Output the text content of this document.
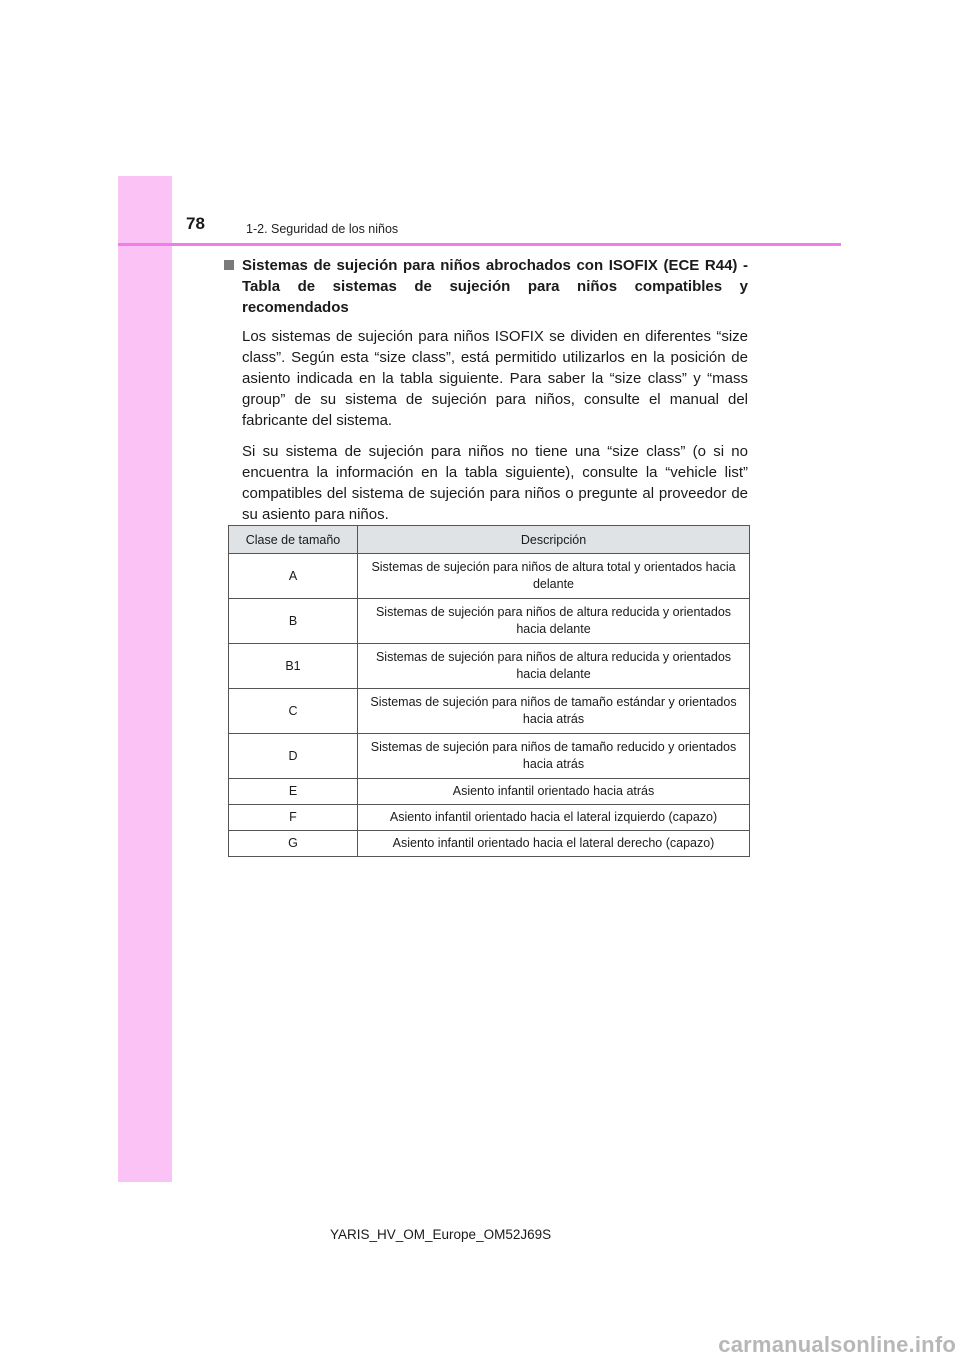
78	1-2. Seguridad de los niños
Sistemas de sujeción para niños abrochados con ISOFIX (ECE R44) - Tabla de sistemas de sujeción para niños compatibles y recomendados

Los sistemas de sujeción para niños ISOFIX se dividen en diferentes “size class”. Según esta “size class”, está permitido utilizarlos en la posición de asiento indicada en la tabla siguiente. Para saber la “size class” y “mass group” de su sistema de sujeción para niños, consulte el manual del fabricante del sistema.

Si su sistema de sujeción para niños no tiene una “size class” (o si no encuentra la información en la tabla siguiente), consulte la “vehicle list” compatibles del sistema de sujeción para niños o pregunte al proveedor de su asiento para niños.

Clase de tamaño	Descripción
A	Sistemas de sujeción para niños de altura total y orientados hacia delante
B	Sistemas de sujeción para niños de altura reducida y orientados hacia delante
B1	Sistemas de sujeción para niños de altura reducida y orientados hacia delante
C	Sistemas de sujeción para niños de tamaño estándar y orientados hacia atrás
D	Sistemas de sujeción para niños de tamaño reducido y orientados hacia atrás
E	Asiento infantil orientado hacia atrás
F	Asiento infantil orientado hacia el lateral izquierdo (capazo)
G	Asiento infantil orientado hacia el lateral derecho (capazo)
YARIS_HV_OM_Europe_OM52J69S
carmanualsonline.info
